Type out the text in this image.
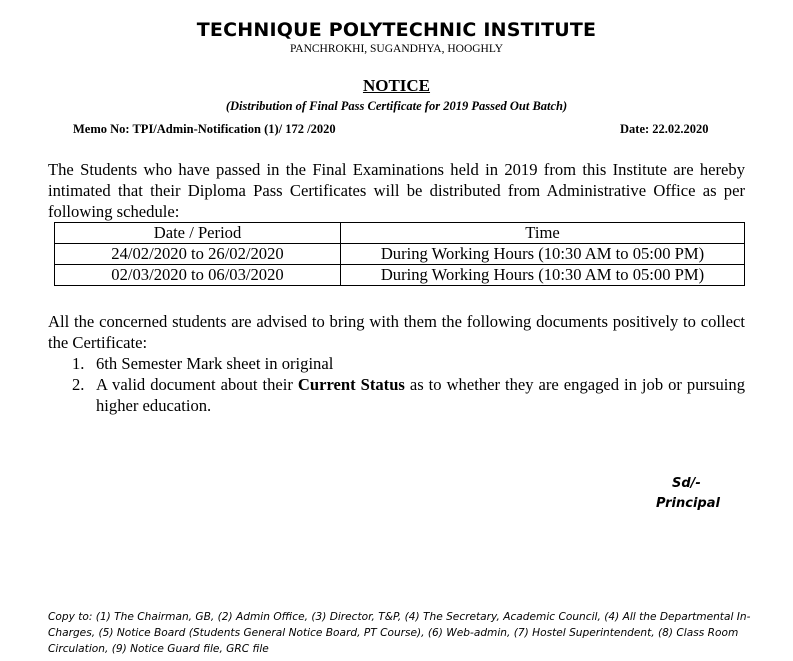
TECHNIQUE POLYTECHNIC INSTITUTE
PANCHROKHI, SUGANDHYA, HOOGHLY
NOTICE
(Distribution of Final Pass Certificate for 2019 Passed Out Batch)
Memo No: TPI/Admin-Notification (1)/ 172 /2020	Date: 22.02.2020
The Students who have passed in the Final Examinations held in 2019 from this Institute are hereby intimated that their Diploma Pass Certificates will be distributed from Administrative Office as per following schedule:
Date / Period	Time
24/02/2020 to 26/02/2020	During Working Hours (10:30 AM to 05:00 PM)
02/03/2020 to 06/03/2020	During Working Hours (10:30 AM to 05:00 PM)
All the concerned students are advised to bring with them the following documents positively to collect the Certificate:
1. 6th Semester Mark sheet in original
2. A valid document about their Current Status as to whether they are engaged in job or pursuing higher education.
Sd/-
Principal
Copy to: (1) The Chairman, GB, (2) Admin Office, (3) Director, T&P, (4) The Secretary, Academic Council, (4) All the Departmental In-Charges, (5) Notice Board (Students General Notice Board, PT Course), (6) Web-admin, (7) Hostel Superintendent, (8) Class Room Circulation, (9) Notice Guard file, GRC file
